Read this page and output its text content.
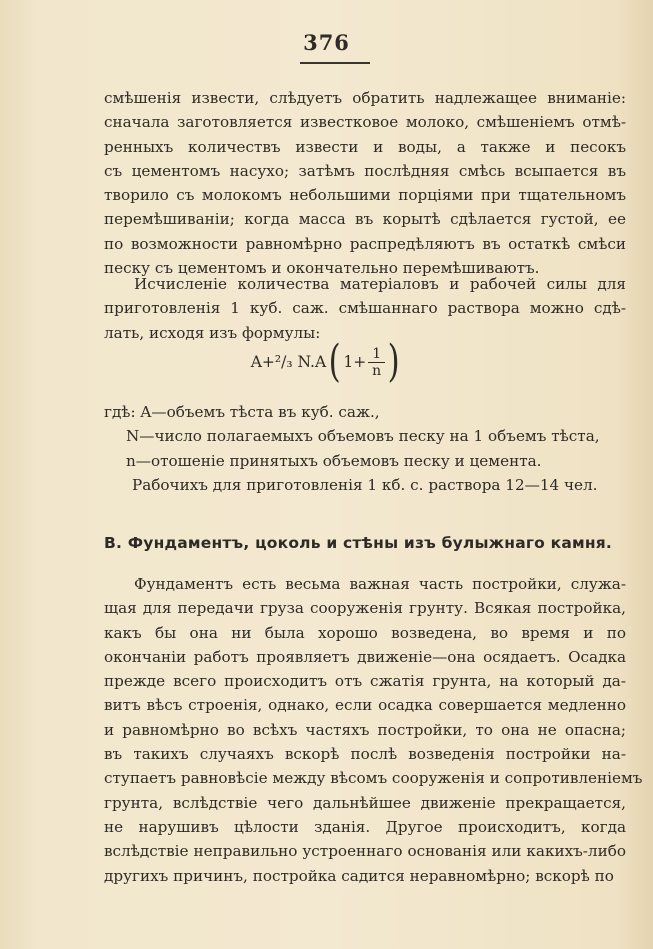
376
смѣшенія извести, слѣдуетъ обратить надлежащее вниманіе:
сначала заготовляется известковое молоко, смѣшеніемъ отмѣ-
ренныхъ количествъ извести и воды, а также и песокъ
съ цементомъ насухо; затѣмъ послѣдняя смѣсь всыпается въ
творило съ молокомъ небольшими порціями при тщательномъ
перемѣшиваніи; когда масса въ корытѣ сдѣлается густой, ее
по возможности равномѣрно распредѣляютъ въ остаткѣ смѣси
песку съ цементомъ и окончательно перемѣшиваютъ.
Исчисленіе количества матеріаловъ и рабочей силы для
приготовленія 1 куб. саж. смѣшаннаго раствора можно сдѣ-
лать, исходя изъ формулы:
A+²/₃ N.A ( $1+ \frac{1}{n}$ )
гдѣ: A—объемъ тѣста въ куб. саж.,
N—число полагаемыхъ объемовъ песку на 1 объемъ тѣста,
n—отошеніе принятыхъ объемовъ песку и цемента.
Рабочихъ для приготовленія 1 кб. с. раствора 12—14 чел.
B. Фундаментъ, цоколь и стѣны изъ булыжнаго камня.
Фундаментъ есть весьма важная часть постройки, служа-
щая для передачи груза сооруженія грунту. Всякая постройка,
какъ бы она ни была хорошо возведена, во время и по
окончаніи работъ проявляетъ движеніе—она осядаетъ. Осадка
прежде всего происходитъ отъ сжатія грунта, на который да-
витъ вѣсъ строенія, однако, если осадка совершается медленно
и равномѣрно во всѣхъ частяхъ постройки, то она не опасна;
въ такихъ случаяхъ вскорѣ послѣ возведенія постройки на-
ступаетъ равновѣсіе между вѣсомъ сооруженія и сопротивленіемъ
грунта, вслѣдствіе чего дальнѣйшее движеніе прекращается,
не нарушивъ цѣлости зданія. Другое происходитъ, когда
вслѣдствіе неправильно устроеннаго основанія или какихъ-либо
другихъ причинъ, постройка садится неравномѣрно; вскорѣ по
